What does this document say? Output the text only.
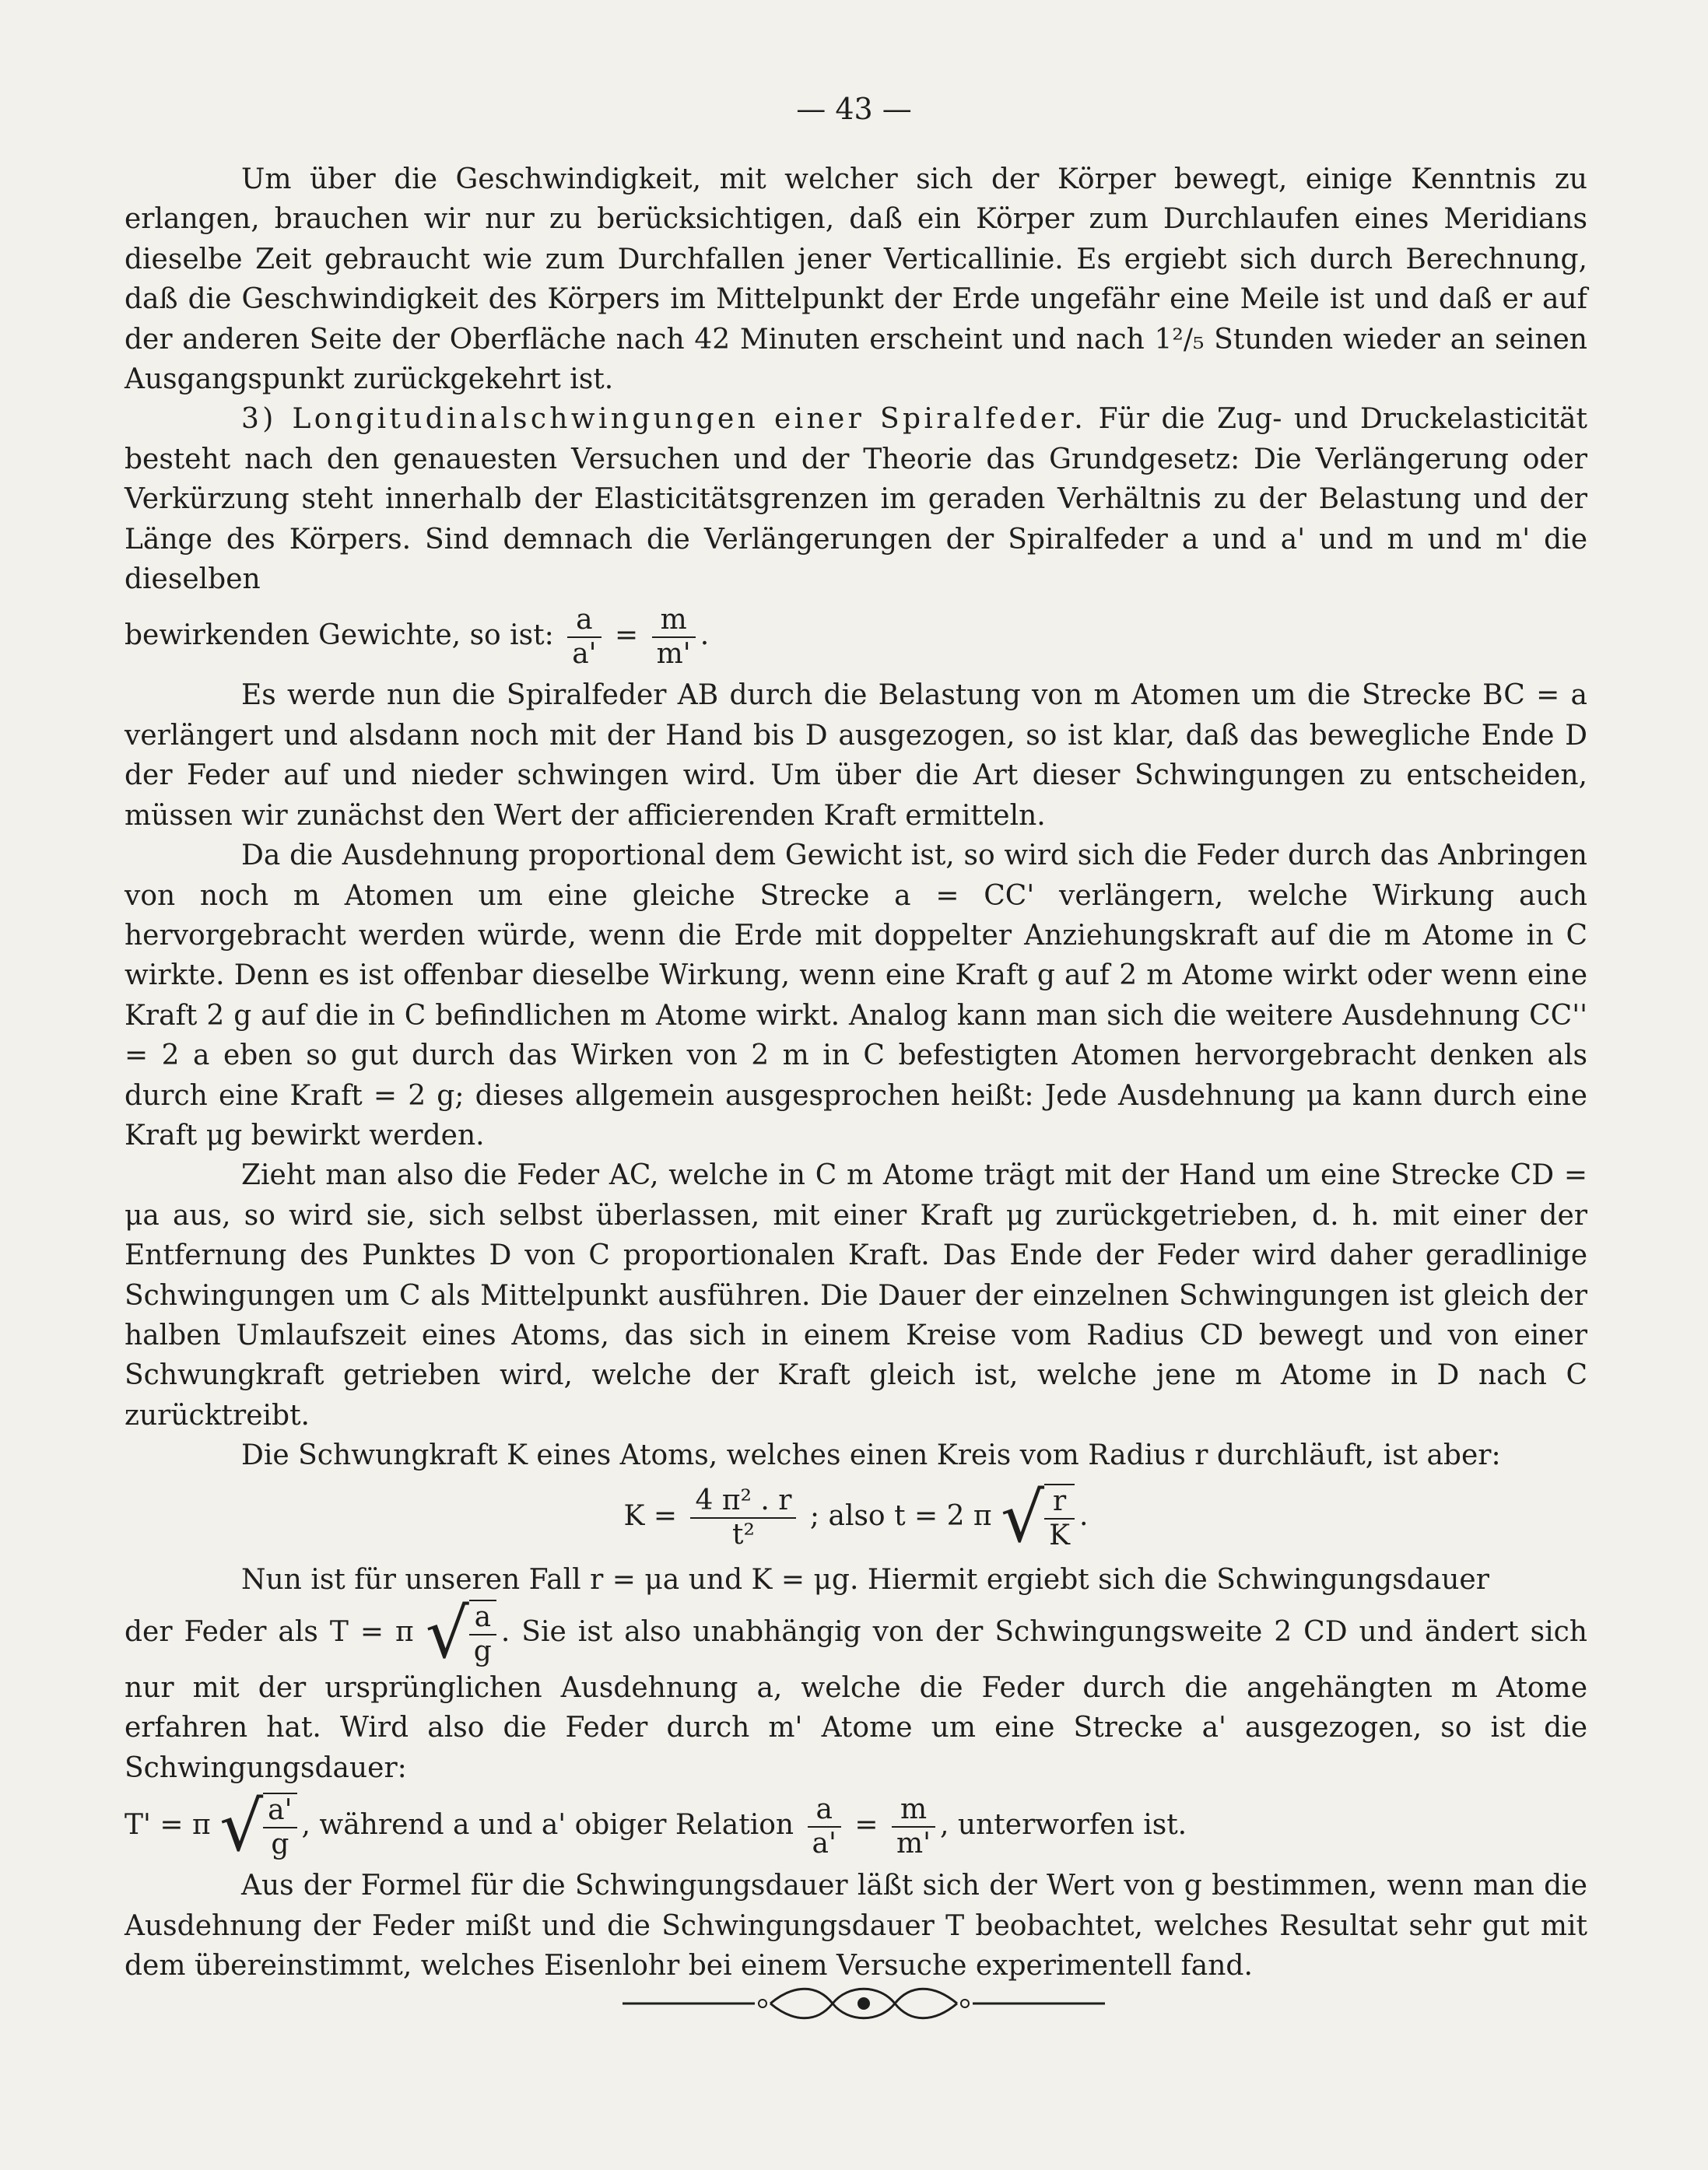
— 43 —

Um über die Geschwindigkeit, mit welcher sich der Körper bewegt, einige Kenntnis zu erlangen, brauchen wir nur zu berücksichtigen, daß ein Körper zum Durchlaufen eines Meridians dieselbe Zeit gebraucht wie zum Durchfallen jener Verticallinie. Es ergiebt sich durch Berechnung, daß die Geschwindigkeit des Körpers im Mittelpunkt der Erde ungefähr eine Meile ist und daß er auf der anderen Seite der Oberfläche nach 42 Minuten erscheint und nach 1²/₅ Stunden wieder an seinen Ausgangspunkt zurückgekehrt ist.

3) Longitudinalschwingungen einer Spiralfeder. Für die Zug- und Druckelasticität besteht nach den genauesten Versuchen und der Theorie das Grundgesetz: Die Verlängerung oder Verkürzung steht innerhalb der Elasticitätsgrenzen im geraden Verhältnis zu der Belastung und der Länge des Körpers. Sind demnach die Verlängerungen der Spiralfeder a und a' und m und m' die dieselben

bewirkenden Gewichte, so ist: $\frac{a}{a'} = \frac{m}{m'}$ .

Es werde nun die Spiralfeder AB durch die Belastung von m Atomen um die Strecke BC = a verlängert und alsdann noch mit der Hand bis D ausgezogen, so ist klar, daß das bewegliche Ende D der Feder auf und nieder schwingen wird. Um über die Art dieser Schwingungen zu entscheiden, müssen wir zunächst den Wert der afficierenden Kraft ermitteln.

Da die Ausdehnung proportional dem Gewicht ist, so wird sich die Feder durch das Anbringen von noch m Atomen um eine gleiche Strecke a = CC' verlängern, welche Wirkung auch hervorgebracht werden würde, wenn die Erde mit doppelter Anziehungskraft auf die m Atome in C wirkte. Denn es ist offenbar dieselbe Wirkung, wenn eine Kraft g auf 2 m Atome wirkt oder wenn eine Kraft 2 g auf die in C befindlichen m Atome wirkt. Analog kann man sich die weitere Ausdehnung CC'' = 2 a eben so gut durch das Wirken von 2 m in C befestigten Atomen hervorgebracht denken als durch eine Kraft = 2 g; dieses allgemein ausgesprochen heißt: Jede Ausdehnung μa kann durch eine Kraft μg bewirkt werden.

Zieht man also die Feder AC, welche in C m Atome trägt mit der Hand um eine Strecke CD = μa aus, so wird sie, sich selbst überlassen, mit einer Kraft μg zurückgetrieben, d. h. mit einer der Entfernung des Punktes D von C proportionalen Kraft. Das Ende der Feder wird daher geradlinige Schwingungen um C als Mittelpunkt ausführen. Die Dauer der einzelnen Schwingungen ist gleich der halben Umlaufszeit eines Atoms, das sich in einem Kreise vom Radius CD bewegt und von einer Schwungkraft getrieben wird, welche der Kraft gleich ist, welche jene m Atome in D nach C zurücktreibt.

Die Schwungkraft K eines Atoms, welches einen Kreis vom Radius r durchläuft, ist aber:

$K = \frac{\text{4 π² . r}}{\text{t²}}$ ; also t = 2 π √ $\frac{r}{K}$ .

Nun ist für unseren Fall r = μa und K = μg. Hiermit ergiebt sich die Schwingungsdauer

der Feder als T = π √ $\frac{a}{g}$ . Sie ist also unabhängig von der Schwingungsweite 2 CD und ändert sich nur mit der ursprünglichen Ausdehnung a, welche die Feder durch die angehängten m Atome erfahren hat. Wird also die Feder durch m' Atome um eine Strecke a' ausgezogen, so ist die Schwingungsdauer:

T' = π √ $\frac{a'}{g}$ , während a und a' obiger Relation $\frac{a}{a'} = \frac{m}{m'}$ , unterworfen ist.

Aus der Formel für die Schwingungsdauer läßt sich der Wert von g bestimmen, wenn man die Ausdehnung der Feder mißt und die Schwingungsdauer T beobachtet, welches Resultat sehr gut mit dem übereinstimmt, welches Eisenlohr bei einem Versuche experimentell fand.
